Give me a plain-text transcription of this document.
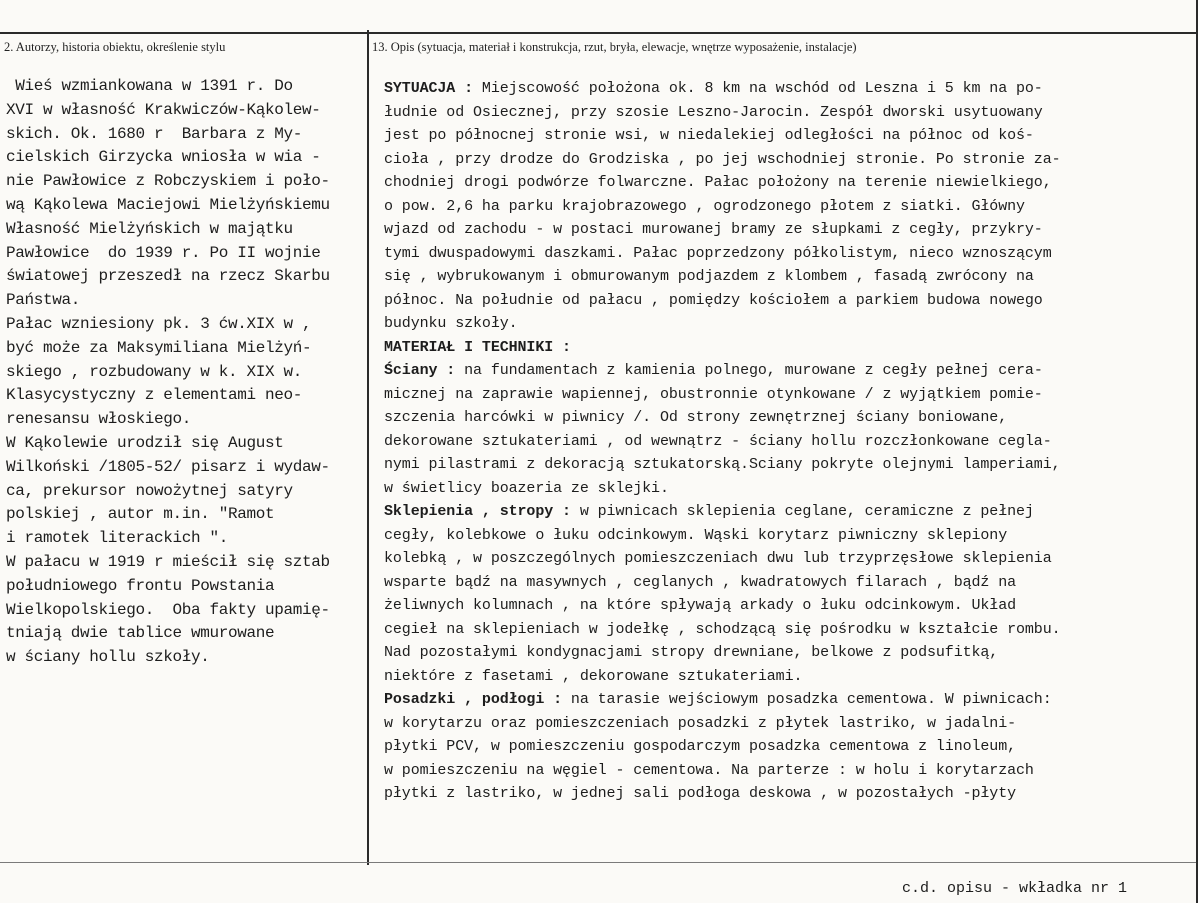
2. Autorzy, historia obiektu, określenie stylu	13. Opis (sytuacja, materiał i konstrukcja, rzut, bryła, elewacje, wnętrze wyposażenie, instalacje)
Wieś wzmiankowana w 1391 r. Do
XVI w własność Krakwiczów-Kąkolew-
skich. Ok. 1680 r  Barbara z My-
cielskich Girzycka wniosła w wia -
nie Pawłowice z Robczyskiem i poło-
wą Kąkolewa Maciejowi Mielżyńskiemu
Własność Mielżyńskich w majątku
Pawłowice  do 1939 r. Po II wojnie
światowej przeszedł na rzecz Skarbu
Państwa.
Pałac wzniesiony pk. 3 ćw.XIX w ,
być może za Maksymiliana Mielżyń-
skiego , rozbudowany w k. XIX w.
Klasycystyczny z elementami neo-
renesansu włoskiego.
W Kąkolewie urodził się August
Wilkoński /1805-52/ pisarz i wydaw-
ca, prekursor nowożytnej satyry
polskiej , autor m.in. "Ramot
i ramotek literackich ".
W pałacu w 1919 r mieścił się sztab
południowego frontu Powstania
Wielkopolskiego.  Oba fakty upamię-
tniają dwie tablice wmurowane
w ściany hollu szkoły.
SYTUACJA : Miejscowość położona ok. 8 km na wschód od Leszna i 5 km na po-
łudnie od Osiecznej, przy szosie Leszno-Jarocin. Zespół dworski usytuowany
jest po północnej stronie wsi, w niedalekiej odległości na północ od koś-
cioła , przy drodze do Grodziska , po jej wschodniej stronie. Po stronie za-
chodniej drogi podwórze folwarczne. Pałac położony na terenie niewielkiego,
o pow. 2,6 ha parku krajobrazowego , ogrodzonego płotem z siatki. Główny
wjazd od zachodu - w postaci murowanej bramy ze słupkami z cegły, przykry-
tymi dwuspadowymi daszkami. Pałac poprzedzony półkolistym, nieco wznoszącym
się , wybrukowanym i obmurowanym podjazdem z klombem , fasadą zwrócony na
północ. Na południe od pałacu , pomiędzy kościołem a parkiem budowa nowego
budynku szkoły.
MATERIAŁ I TECHNIKI :
Ściany : na fundamentach z kamienia polnego, murowane z cegły pełnej cera-
micznej na zaprawie wapiennej, obustronnie otynkowane / z wyjątkiem pomie-
szczenia harcówki w piwnicy /. Od strony zewnętrznej ściany boniowane,
dekorowane sztukateriami , od wewnątrz - ściany hollu rozczłonkowane cegla-
nymi pilastrami z dekoracją sztukatorską.Sciany pokryte olejnymi lamperiami,
w świetlicy boazeria ze sklejki.
Sklepienia , stropy : w piwnicach sklepienia ceglane, ceramiczne z pełnej
cegły, kolebkowe o łuku odcinkowym. Wąski korytarz piwniczny sklepiony
kolebką , w poszczególnych pomieszczeniach dwu lub trzyprzęsłowe sklepienia
wsparte bądź na masywnych , ceglanych , kwadratowych filarach , bądź na
żeliwnych kolumnach , na które spływają arkady o łuku odcinkowym. Układ
cegieł na sklepieniach w jodełkę , schodzącą się pośrodku w kształcie rombu.
Nad pozostałymi kondygnacjami stropy drewniane, belkowe z podsufitką,
niektóre z fasetami , dekorowane sztukateriami.
Posadzki , podłogi : na tarasie wejściowym posadzka cementowa. W piwnicach:
w korytarzu oraz pomieszczeniach posadzki z płytek lastriko, w jadalni-
płytki PCV, w pomieszczeniu gospodarczym posadzka cementowa z linoleum,
w pomieszczeniu na węgiel - cementowa. Na parterze : w holu i korytarzach
płytki z lastriko, w jednej sali podłoga deskowa , w pozostałych -płyty
c.d. opisu - wkładka nr 1
